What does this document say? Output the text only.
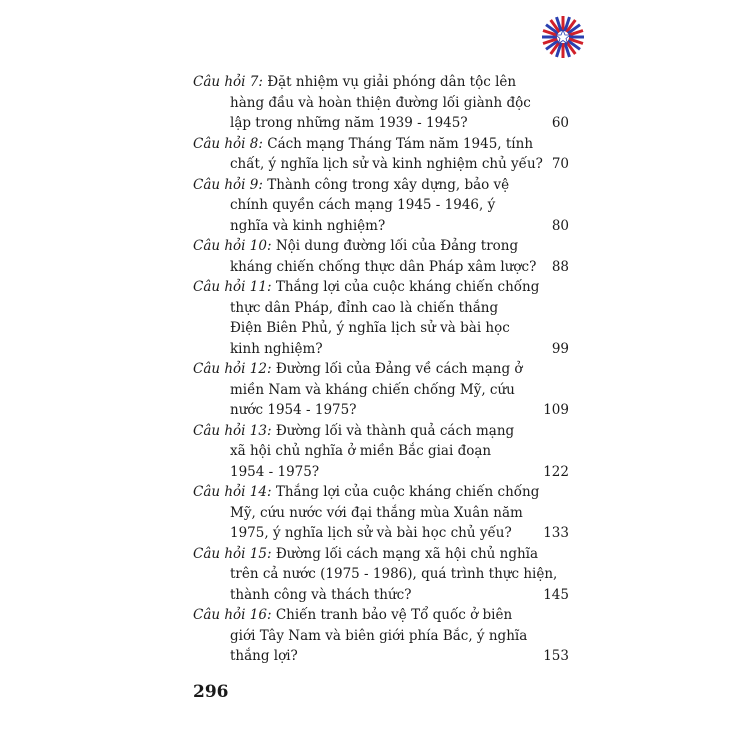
Câu hỏi 7: Đặt nhiệm vụ giải phóng dân tộc lên
hàng đầu và hoàn thiện đường lối giành độc
lập trong những năm 1939 - 1945?	60
Câu hỏi 8: Cách mạng Tháng Tám năm 1945, tính
chất, ý nghĩa lịch sử và kinh nghiệm chủ yếu? 70
Câu hỏi 9: Thành công trong xây dựng, bảo vệ
chính quyền cách mạng 1945 - 1946, ý
nghĩa và kinh nghiệm?	80
Câu hỏi 10: Nội dung đường lối của Đảng trong
kháng chiến chống thực dân Pháp xâm lược?	88
Câu hỏi 11: Thắng lợi của cuộc kháng chiến chống
thực dân Pháp, đỉnh cao là chiến thắng
Điện Biên Phủ, ý nghĩa lịch sử và bài học
kinh nghiệm?	99
Câu hỏi 12: Đường lối của Đảng về cách mạng ở
miền Nam và kháng chiến chống Mỹ, cứu
nước 1954 - 1975?	109
Câu hỏi 13: Đường lối và thành quả cách mạng
xã hội chủ nghĩa ở miền Bắc giai đoạn
1954 - 1975?	122
Câu hỏi 14: Thắng lợi của cuộc kháng chiến chống
Mỹ, cứu nước với đại thắng mùa Xuân năm
1975, ý nghĩa lịch sử và bài học chủ yếu?	133
Câu hỏi 15: Đường lối cách mạng xã hội chủ nghĩa
trên cả nước (1975 - 1986), quá trình thực hiện,
thành công và thách thức?	145
Câu hỏi 16: Chiến tranh bảo vệ Tổ quốc ở biên
giới Tây Nam và biên giới phía Bắc, ý nghĩa
thắng lợi?	153
296
